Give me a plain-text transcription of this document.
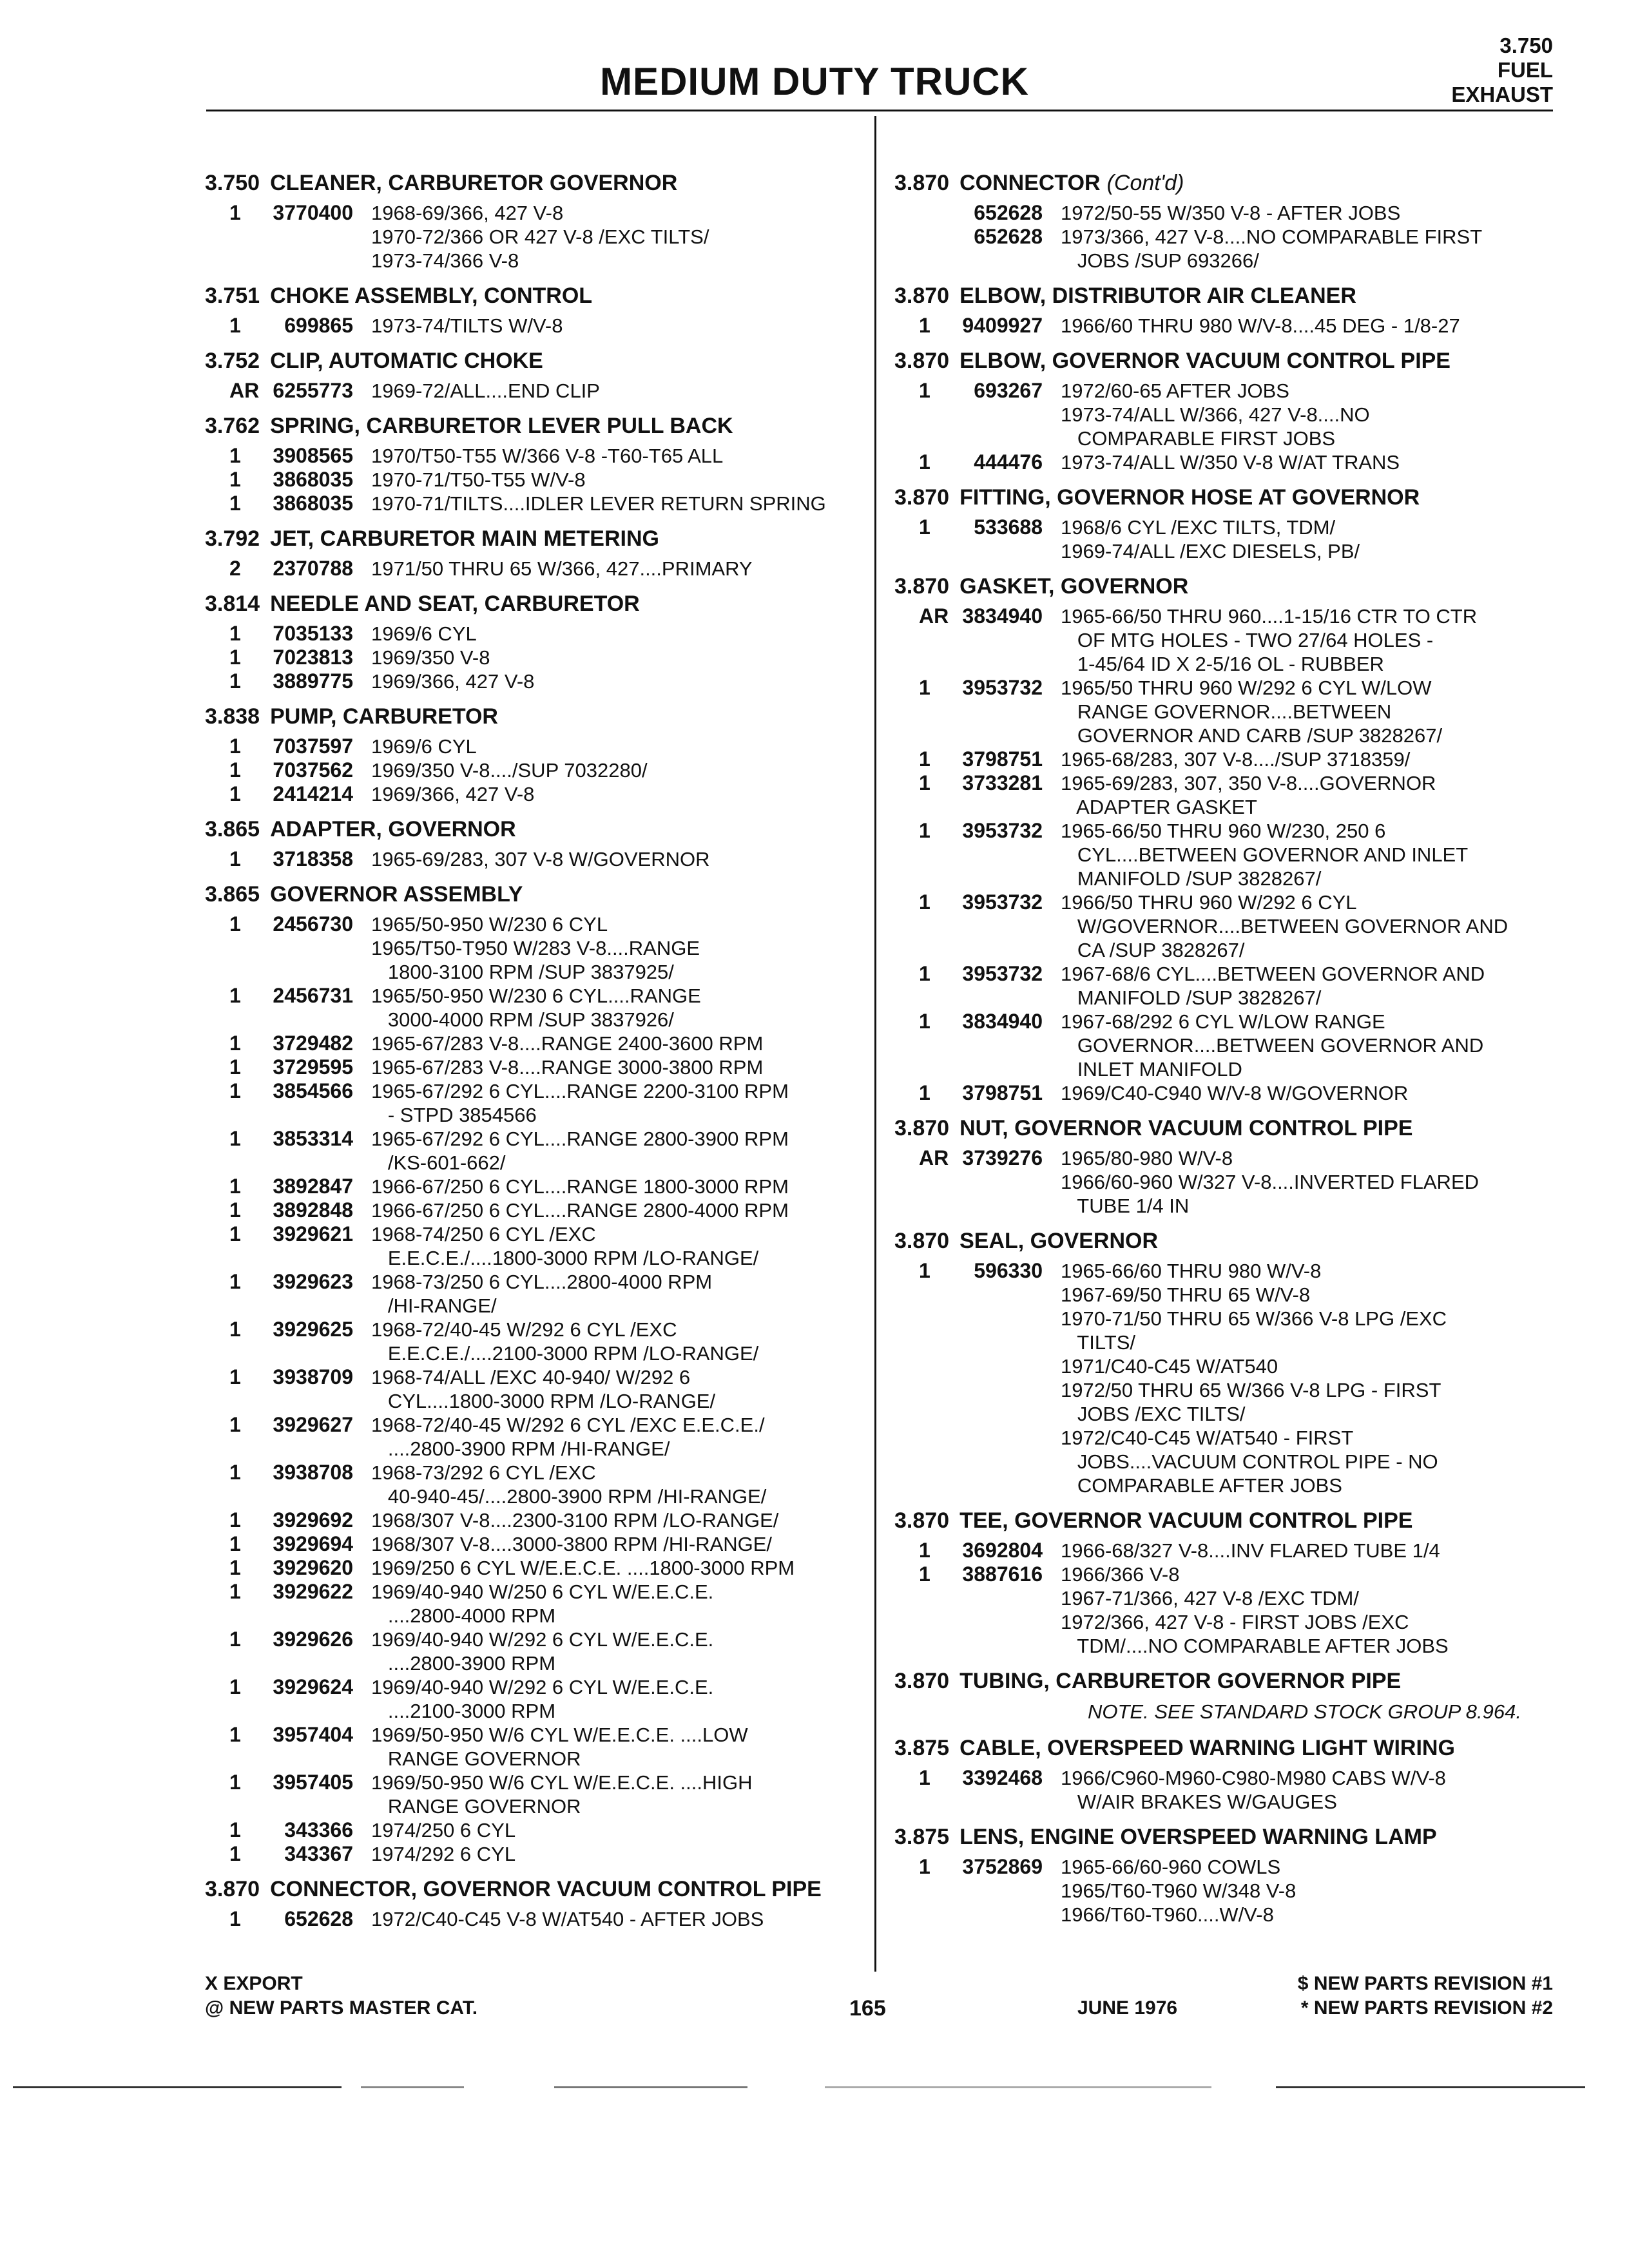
MEDIUM DUTY TRUCK
3.750
FUEL
EXHAUST
3.750 CLEANER, CARBURETOR GOVERNOR
1	3770400 1968-69/366, 427 V-8
1970-72/366 OR 427 V-8 /EXC TILTS/
1973-74/366 V-8
3.751 CHOKE ASSEMBLY, CONTROL
1	699865 1973-74/TILTS W/V-8
3.752 CLIP, AUTOMATIC CHOKE
AR 6255773 1969-72/ALL....END CLIP
3.762 SPRING, CARBURETOR LEVER PULL BACK
1	3908565 1970/T50-T55 W/366 V-8 -T60-T65 ALL
1	3868035 1970-71/T50-T55 W/V-8
1	3868035 1970-71/TILTS....IDLER LEVER RETURN SPRING
3.792 JET, CARBURETOR MAIN METERING
2	2370788 1971/50 THRU 65 W/366, 427....PRIMARY
3.814 NEEDLE AND SEAT, CARBURETOR
1	7035133 1969/6 CYL
1	7023813 1969/350 V-8
1	3889775 1969/366, 427 V-8
3.838 PUMP, CARBURETOR
1	7037597 1969/6 CYL
1	7037562 1969/350 V-8..../SUP 7032280/
1	2414214 1969/366, 427 V-8
3.865 ADAPTER, GOVERNOR
1	3718358 1965-69/283, 307 V-8 W/GOVERNOR
3.865 GOVERNOR ASSEMBLY
1	2456730 1965/50-950 W/230 6 CYL
1965/T50-T950 W/283 V-8....RANGE
1800-3100 RPM /SUP 3837925/
1	2456731 1965/50-950 W/230 6 CYL....RANGE
3000-4000 RPM /SUP 3837926/
1	3729482 1965-67/283 V-8....RANGE 2400-3600 RPM
1	3729595 1965-67/283 V-8....RANGE 3000-3800 RPM
1	3854566 1965-67/292 6 CYL....RANGE 2200-3100 RPM
- STPD 3854566
1	3853314 1965-67/292 6 CYL....RANGE 2800-3900 RPM
/KS-601-662/
1	3892847 1966-67/250 6 CYL....RANGE 1800-3000 RPM
1	3892848 1966-67/250 6 CYL....RANGE 2800-4000 RPM
1	3929621 1968-74/250 6 CYL /EXC
E.E.C.E./....1800-3000 RPM /LO-RANGE/
1	3929623 1968-73/250 6 CYL....2800-4000 RPM
/HI-RANGE/
1	3929625 1968-72/40-45 W/292 6 CYL /EXC
E.E.C.E./....2100-3000 RPM /LO-RANGE/
1	3938709 1968-74/ALL /EXC 40-940/ W/292 6
CYL....1800-3000 RPM /LO-RANGE/
1	3929627 1968-72/40-45 W/292 6 CYL /EXC E.E.C.E./
....2800-3900 RPM /HI-RANGE/
1	3938708 1968-73/292 6 CYL /EXC
40-940-45/....2800-3900 RPM /HI-RANGE/
1	3929692 1968/307 V-8....2300-3100 RPM /LO-RANGE/
1	3929694 1968/307 V-8....3000-3800 RPM /HI-RANGE/
1	3929620 1969/250 6 CYL W/E.E.C.E. ....1800-3000 RPM
1	3929622 1969/40-940 W/250 6 CYL W/E.E.C.E.
....2800-4000 RPM
1	3929626 1969/40-940 W/292 6 CYL W/E.E.C.E.
....2800-3900 RPM
1	3929624 1969/40-940 W/292 6 CYL W/E.E.C.E.
....2100-3000 RPM
1	3957404 1969/50-950 W/6 CYL W/E.E.C.E. ....LOW
RANGE GOVERNOR
1	3957405 1969/50-950 W/6 CYL W/E.E.C.E. ....HIGH
RANGE GOVERNOR
1	343366 1974/250 6 CYL
1	343367 1974/292 6 CYL
3.870 CONNECTOR, GOVERNOR VACUUM CONTROL PIPE
1	652628 1972/C40-C45 V-8 W/AT540 - AFTER JOBS
3.870 CONNECTOR (Cont'd)
652628 1972/50-55 W/350 V-8 - AFTER JOBS
652628 1973/366, 427 V-8....NO COMPARABLE FIRST
JOBS /SUP 693266/
3.870 ELBOW, DISTRIBUTOR AIR CLEANER
1	9409927 1966/60 THRU 980 W/V-8....45 DEG - 1/8-27
3.870 ELBOW, GOVERNOR VACUUM CONTROL PIPE
1	693267 1972/60-65 AFTER JOBS
1973-74/ALL W/366, 427 V-8....NO
COMPARABLE FIRST JOBS
1	444476 1973-74/ALL W/350 V-8 W/AT TRANS
3.870 FITTING, GOVERNOR HOSE AT GOVERNOR
1	533688 1968/6 CYL /EXC TILTS, TDM/
1969-74/ALL /EXC DIESELS, PB/
3.870 GASKET, GOVERNOR
AR 3834940 1965-66/50 THRU 960....1-15/16 CTR TO CTR
OF MTG HOLES - TWO 27/64 HOLES -
1-45/64 ID X 2-5/16 OL - RUBBER
1	3953732 1965/50 THRU 960 W/292 6 CYL W/LOW
RANGE GOVERNOR....BETWEEN
GOVERNOR AND CARB /SUP 3828267/
1	3798751 1965-68/283, 307 V-8..../SUP 3718359/
1	3733281 1965-69/283, 307, 350 V-8....GOVERNOR
ADAPTER GASKET
1	3953732 1965-66/50 THRU 960 W/230, 250 6
CYL....BETWEEN GOVERNOR AND INLET
MANIFOLD /SUP 3828267/
1	3953732 1966/50 THRU 960 W/292 6 CYL
W/GOVERNOR....BETWEEN GOVERNOR AND
CA /SUP 3828267/
1	3953732 1967-68/6 CYL....BETWEEN GOVERNOR AND
MANIFOLD /SUP 3828267/
1	3834940 1967-68/292 6 CYL W/LOW RANGE
GOVERNOR....BETWEEN GOVERNOR AND
INLET MANIFOLD
1	3798751 1969/C40-C940 W/V-8 W/GOVERNOR
3.870 NUT, GOVERNOR VACUUM CONTROL PIPE
AR 3739276 1965/80-980 W/V-8
1966/60-960 W/327 V-8....INVERTED FLARED
TUBE 1/4 IN
3.870 SEAL, GOVERNOR
1	596330 1965-66/60 THRU 980 W/V-8
1967-69/50 THRU 65 W/V-8
1970-71/50 THRU 65 W/366 V-8 LPG /EXC
TILTS/
1971/C40-C45 W/AT540
1972/50 THRU 65 W/366 V-8 LPG - FIRST
JOBS /EXC TILTS/
1972/C40-C45 W/AT540 - FIRST
JOBS....VACUUM CONTROL PIPE - NO
COMPARABLE AFTER JOBS
3.870 TEE, GOVERNOR VACUUM CONTROL PIPE
1	3692804 1966-68/327 V-8....INV FLARED TUBE 1/4
1	3887616 1966/366 V-8
1967-71/366, 427 V-8 /EXC TDM/
1972/366, 427 V-8 - FIRST JOBS /EXC
TDM/....NO COMPARABLE AFTER JOBS
3.870 TUBING, CARBURETOR GOVERNOR PIPE
NOTE. SEE STANDARD STOCK GROUP 8.964.
3.875 CABLE, OVERSPEED WARNING LIGHT WIRING
1	3392468 1966/C960-M960-C980-M980 CABS W/V-8
W/AIR BRAKES W/GAUGES
3.875 LENS, ENGINE OVERSPEED WARNING LAMP
1	3752869 1965-66/60-960 COWLS
1965/T60-T960 W/348 V-8
1966/T60-T960....W/V-8
X EXPORT
@ NEW PARTS MASTER CAT.	165	JUNE 1976
$ NEW PARTS REVISION #1
* NEW PARTS REVISION #2
